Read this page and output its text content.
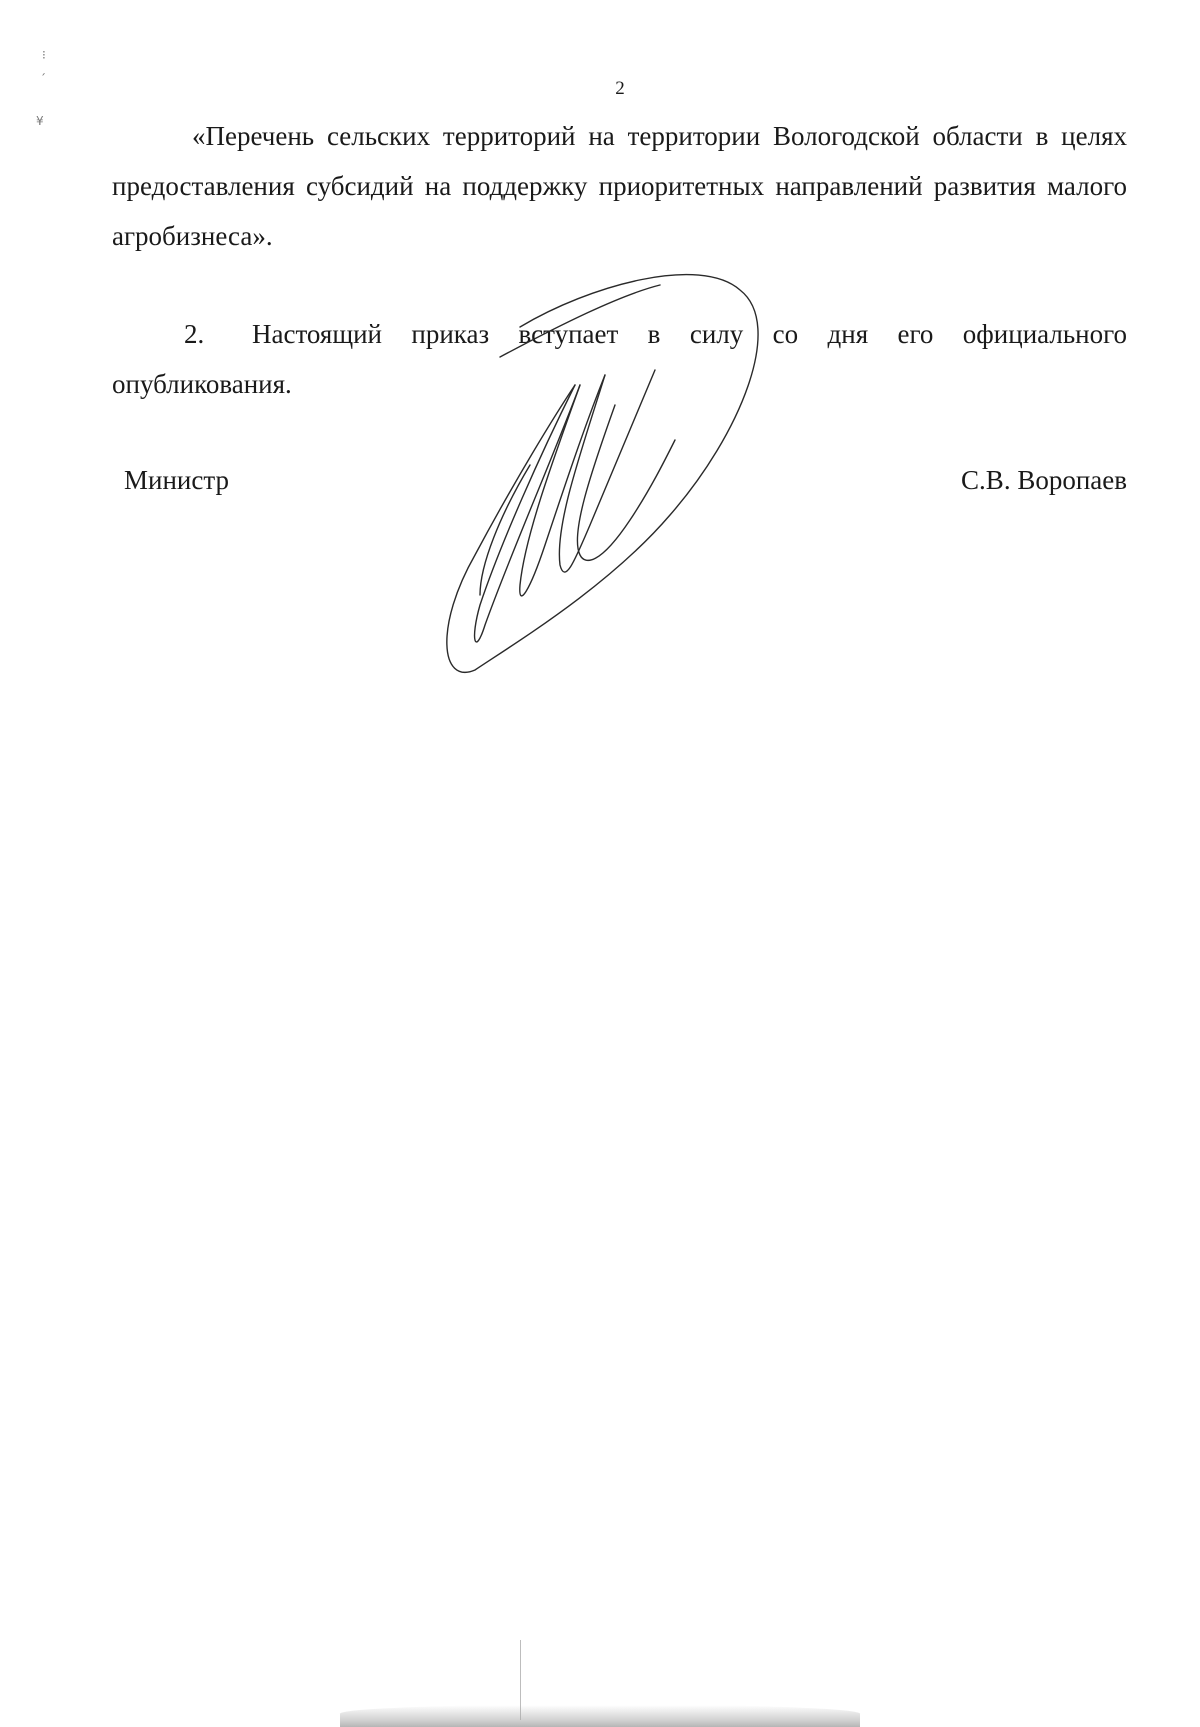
⁝
´
¥
2
«Перечень сельских территорий на территории Вологодской области в целях предоставления субсидий на поддержку приоритетных направлений развития малого агробизнеса».
2. Настоящий приказ вступает в силу со дня его официального опубликования.
Министр	С.В. Воропаев
